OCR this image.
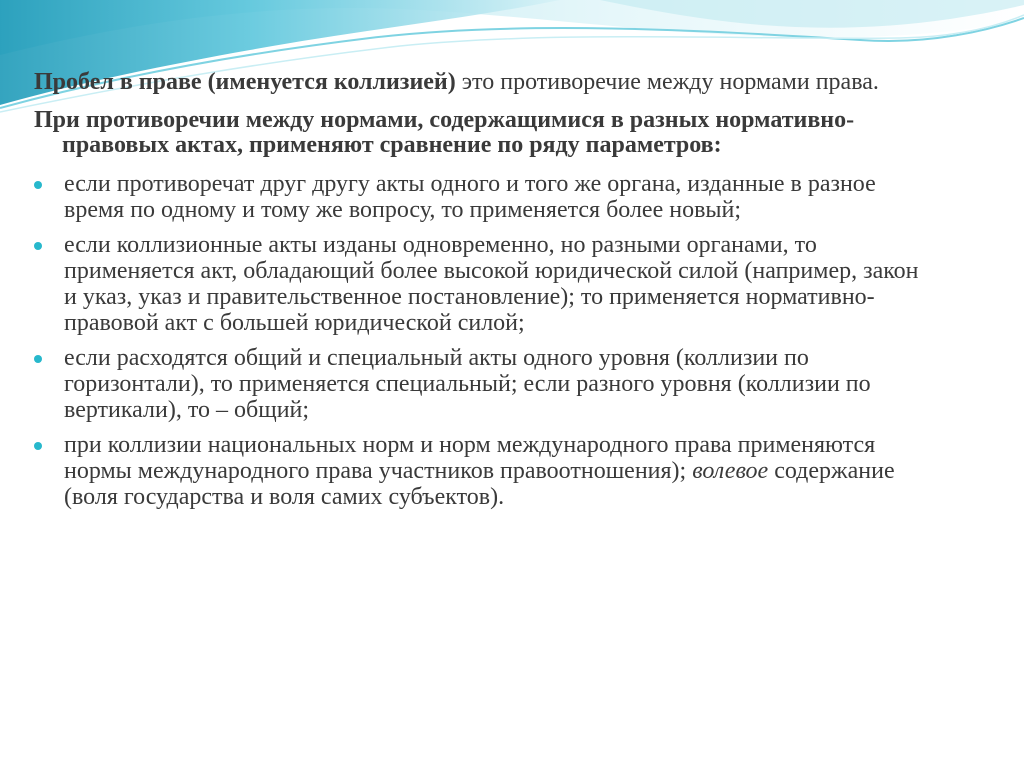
Пробел в праве (именуется коллизией) это противоречие между нормами права.

При противоречии между нормами, содержащимися в разных нормативно-правовых актах, применяют сравнение по ряду параметров:

если противоречат друг другу акты одного и того же органа, изданные в разное время по одному и тому же вопросу, то применяется более новый;
если коллизионные акты изданы одновременно, но разными органами, то применяется акт, обладающий более высокой юридической силой (например, закон и указ, указ и правительственное постановление); то применяется нормативно-правовой акт с большей юридической силой;
если расходятся общий и специальный акты одного уровня (коллизии по горизонтали), то применяется специальный; если разного уровня (коллизии по вертикали), то – общий;
при коллизии национальных норм и норм международного права применяются нормы международного права участников правоотношения); волевое содержание (воля государства и воля самих субъектов).
